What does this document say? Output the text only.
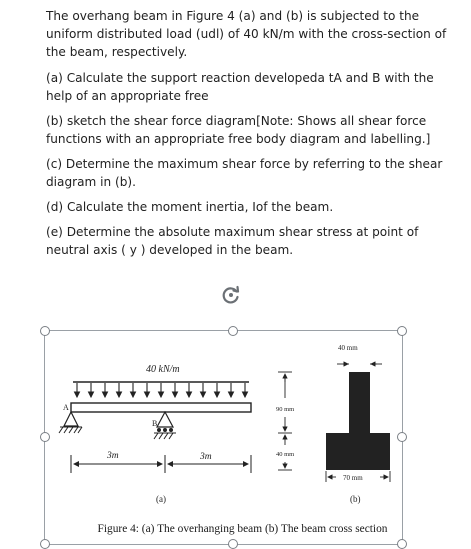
The overhang beam in Figure 4 (a) and (b) is subjected to the uniform distributed load (udl) of 40 kN/m with the cross-section of the beam, respectively.

(a) Calculate the support reaction developeda tA and B with the help of an appropriate free

(b) sketch the shear force diagram[Note: Shows all shear force functions with an appropriate free body diagram and labelling.]

(c) Determine the maximum shear force by referring to the shear diagram in (b).

(d) Calculate the moment inertia, Iof the beam.

(e) Determine the absolute maximum shear stress at point of neutral axis ( y ) developed in the beam.

40 kN/m
A
B
3m	3m
(a)
40 mm
90 mm
40 mm
70 mm
(b)
Figure 4: (a) The overhanging beam (b) The beam cross section
